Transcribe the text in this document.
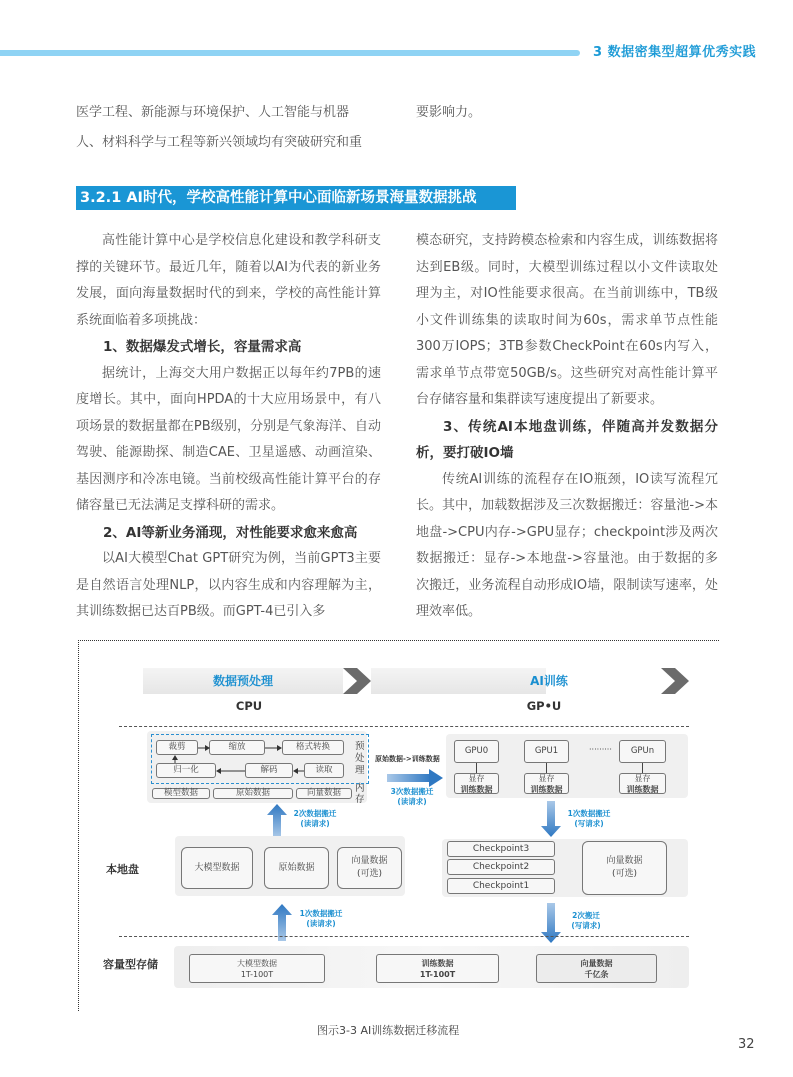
3 数据密集型超算优秀实践

医学工程、新能源与环境保护、人工智能与机器

人、材料科学与工程等新兴领域均有突破研究和重

要影响力。

3.2.1 AI时代，学校高性能计算中心面临新场景海量数据挑战

高性能计算中心是学校信息化建设和教学科研支撑的关键环节。最近几年，随着以AI为代表的新业务发展，面向海量数据时代的到来，学校的高性能计算系统面临着多项挑战：

1、数据爆发式增长，容量需求高

据统计，上海交大用户数据正以每年约7PB的速度增长。其中，面向HPDA的十大应用场景中，有八项场景的数据量都在PB级别，分别是气象海洋、自动驾驶、能源勘探、制造CAE、卫星遥感、动画渲染、基因测序和冷冻电镜。当前校级高性能计算平台的存储容量已无法满足支撑科研的需求。

2、AI等新业务涌现，对性能要求愈来愈高

以AI大模型Chat GPT研究为例，当前GPT3主要是自然语言处理NLP，以内容生成和内容理解为主，其训练数据已达百PB级。而GPT-4已引入多

模态研究，支持跨模态检索和内容生成，训练数据将达到EB级。同时，大模型训练过程以小文件读取处理为主，对IO性能要求很高。在当前训练中，TB级小文件训练集的读取时间为60s，需求单节点性能300万IOPS；3TB参数CheckPoint在60s内写入，需求单节点带宽50GB/s。这些研究对高性能计算平台存储容量和集群读写速度提出了新要求。

3、传统AI本地盘训练，伴随高并发数据分析，要打破IO墙

传统AI训练的流程存在IO瓶颈，IO读写流程冗长。其中，加载数据涉及三次数据搬迁：容量池->本地盘->CPU内存->GPU显存；checkpoint涉及两次数据搬迁：显存->本地盘->容量池。由于数据的多次搬迁，业务流程自动形成IO墙，限制读写速率，处理效率低。

数据预处理	AI训练
CPU	GP•U
裁剪	缩放	格式转换
归一化	解码	读取
预
处
理
模型数据	原始数据	向量数据	内
存
原始数据->训练数据
3次数据搬迁
(读请求)
GPU0	GPU1	·········	GPUn
显存
训练数据
显存
训练数据
显存
训练数据
2次数据搬迁
(读请求)
1次数据搬迁
(写请求)
本地盘	大模型数据	原始数据
向量数据
(可选)
Checkpoint3
Checkpoint2
Checkpoint1
向量数据
(可选)
1次数据搬迁
(读请求)
2次搬迁
(写请求)
容量型存储	大模型数据
1T-100T
训练数据
1T-100T
向量数据
千亿条
图示3-3 AI训练数据迁移流程
32
